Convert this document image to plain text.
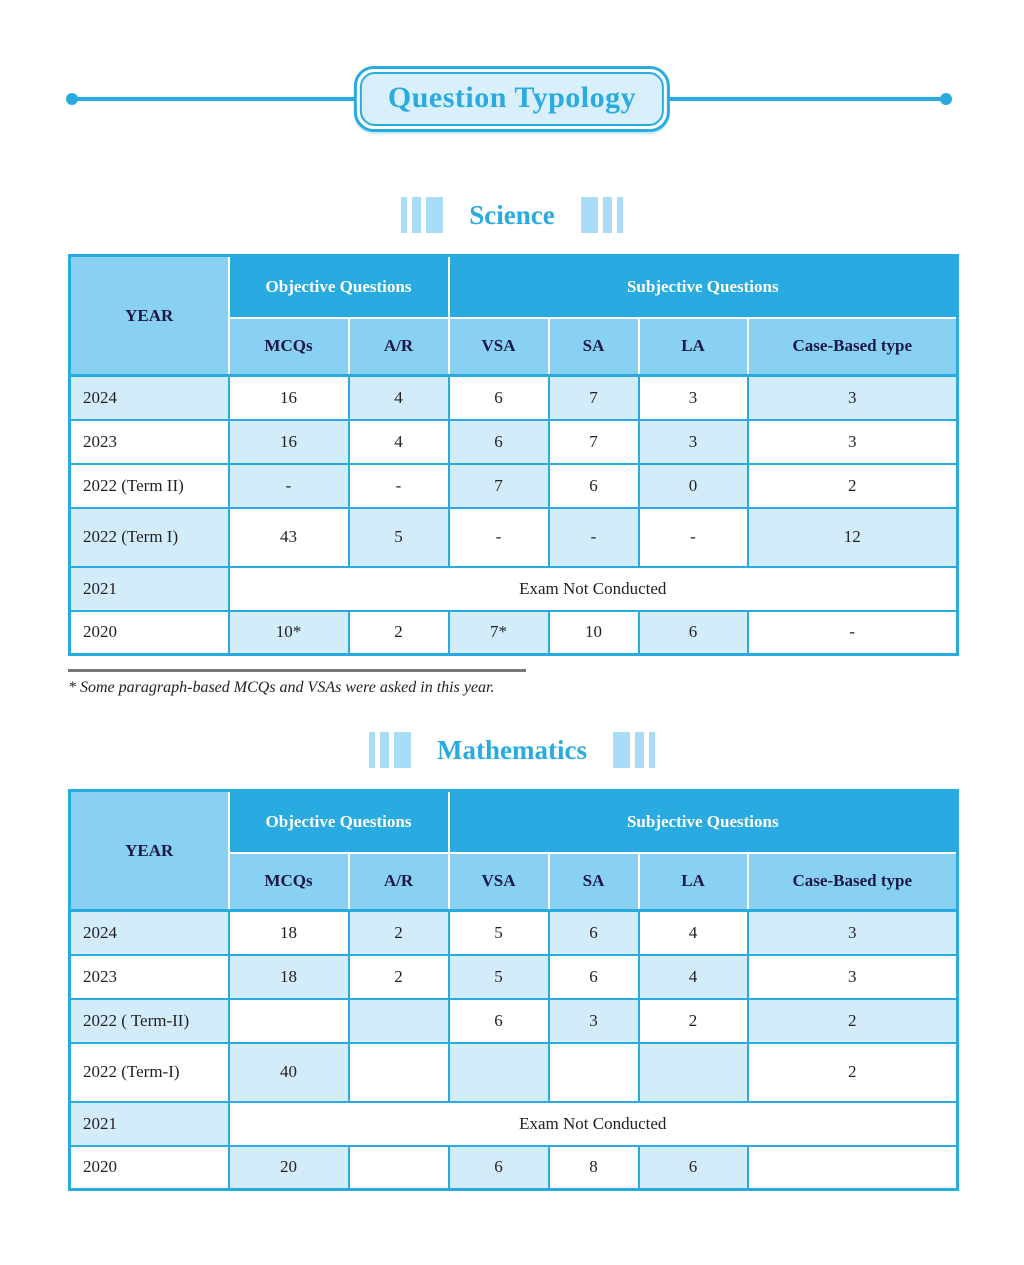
Question Typology
Science
YEAR	Objective Questions		Subjective Questions			
	MCQs	A/R	VSA	SA	LA	Case-Based type
2024	16	4	6	7	3	3
2023	16	4	6	7	3	3
2022 (Term II)	-	-	7	6	0	2
2022 (Term I)	43	5	-	-	-	12
2021	Exam Not Conducted					
2020	10*	2	7*	10	6	-
* Some paragraph-based MCQs and VSAs were asked in this year.
Mathematics
YEAR	Objective Questions		Subjective Questions			
	MCQs	A/R	VSA	SA	LA	Case-Based type
2024	18	2	5	6	4	3
2023	18	2	5	6	4	3
2022 ( Term-II)			6	3	2	2
2022 (Term-I)	40					2
2021	Exam Not Conducted					
2020	20		6	8	6	
